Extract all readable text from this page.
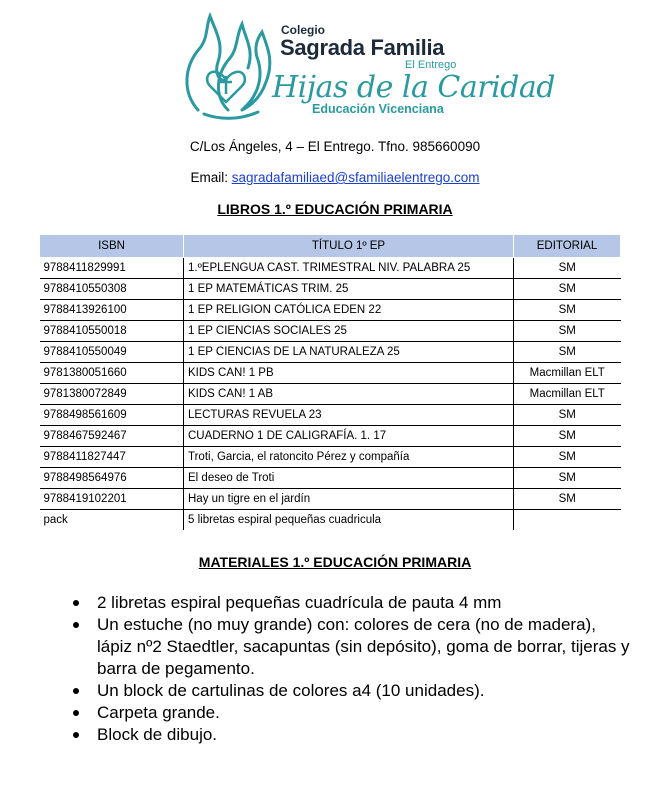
Colegio
Sagrada Familia
El Entrego
Hijas de la Caridad
Educación Vicenciana
C/Los Ángeles, 4 – El Entrego. Tfno. 985660090
Email: sagradafamiliaed@sfamiliaelentrego.com
LIBROS 1.º EDUCACIÓN PRIMARIA
ISBN	TÍTULO 1º EP	EDITORIAL
9788411829991	1.ºEPLENGUA CAST. TRIMESTRAL NIV. PALABRA 25	SM
9788410550308	1 EP MATEMÁTICAS TRIM. 25	SM
9788413926100	1 EP RELIGION CATÓLICA EDEN 22	SM
9788410550018	1 EP CIENCIAS SOCIALES 25	SM
9788410550049	1 EP CIENCIAS DE LA NATURALEZA 25	SM
9781380051660	KIDS CAN! 1 PB	Macmillan ELT
9781380072849	KIDS CAN! 1 AB	Macmillan ELT
9788498561609	LECTURAS REVUELA 23	SM
9788467592467	CUADERNO 1 DE CALIGRAFÍA. 1. 17	SM
9788411827447	Troti, Garcia, el ratoncito Pérez y compañía	SM
9788498564976	El deseo de Troti	SM
9788419102201	Hay un tigre en el jardín	SM
pack	5 libretas espiral pequeñas cuadricula	
MATERIALES 1.º EDUCACIÓN PRIMARIA
2 libretas espiral pequeñas cuadrícula de pauta 4 mm
Un estuche (no muy grande) con: colores de cera (no de madera), lápiz nº2 Staedtler, sacapuntas (sin depósito), goma de borrar, tijeras y barra de pegamento.
Un block de cartulinas de colores a4 (10 unidades).
Carpeta grande.
Block de dibujo.
